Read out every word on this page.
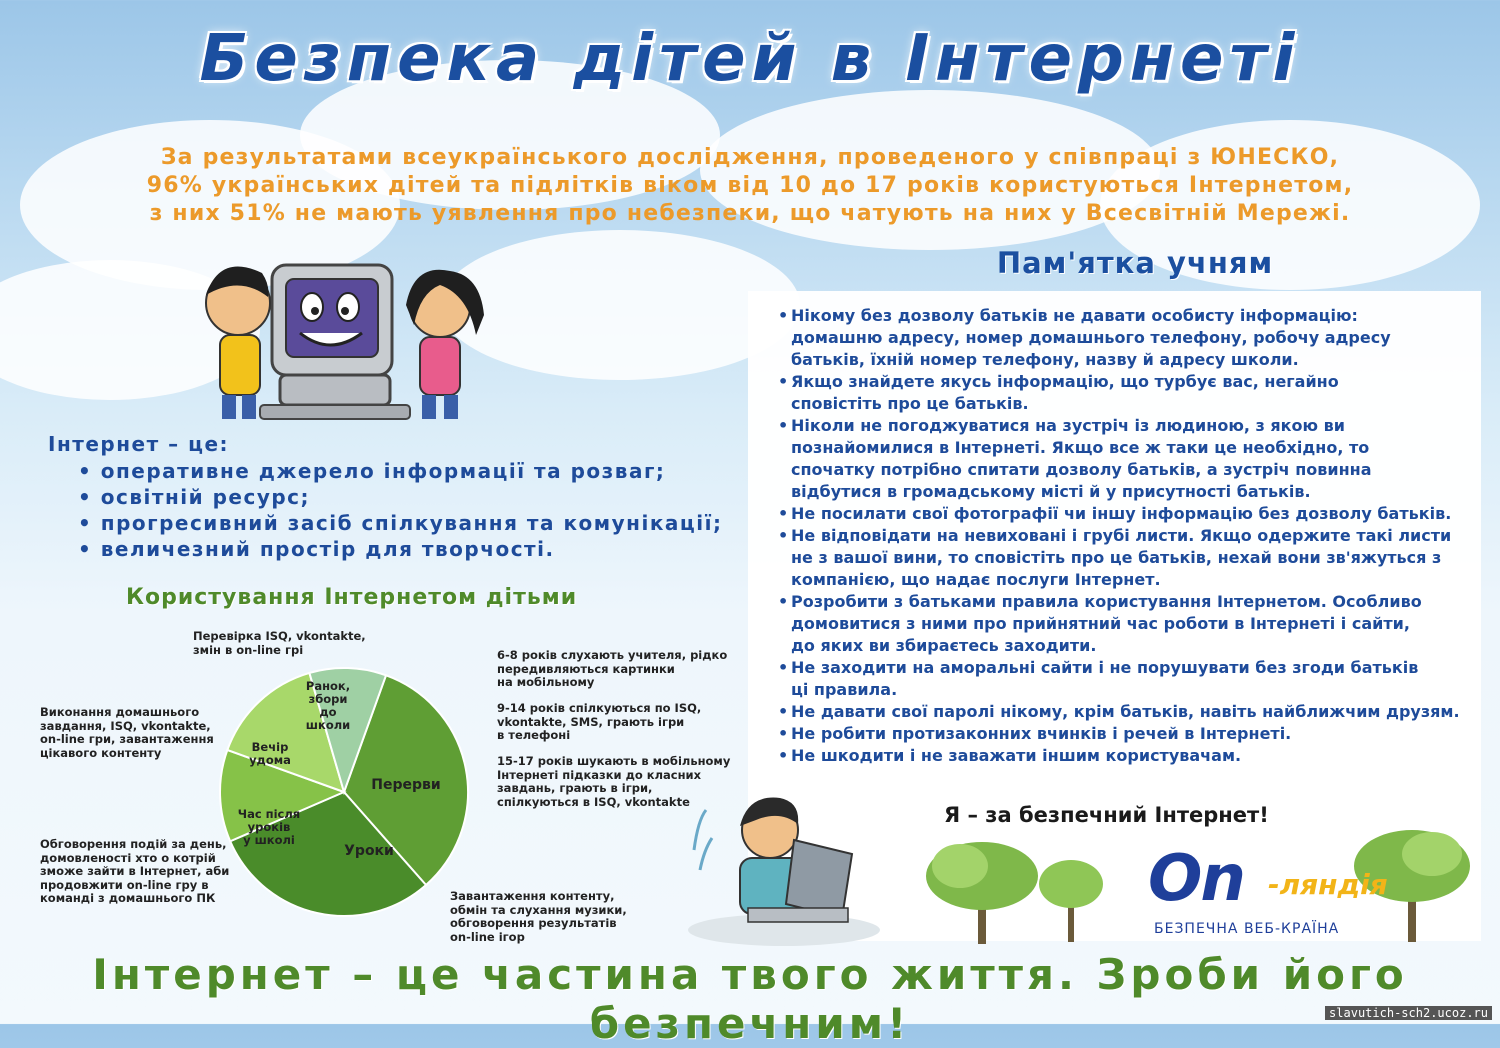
Безпека дітей в Інтернеті
За результатами всеукраїнського дослідження, проведеного у співпраці з ЮНЕСКО,
96% українських дітей та підлітків віком від 10 до 17 років користуються Інтернетом,
з них 51% не мають уявлення про небезпеки, що чатують на них у Всесвітній Мережі.
Пам'ятка учням
• Нікому без дозволу батьків не давати особисту інформацію:
домашню адресу, номер домашнього телефону, робочу адресу
батьків, їхній номер телефону, назву й адресу школи.
• Якщо знайдете якусь інформацію, що турбує вас, негайно
сповістіть про це батьків.
• Ніколи не погоджуватися на зустріч із людиною, з якою ви
познайомилися в Інтернеті. Якщо все ж таки це необхідно, то
спочатку потрібно спитати дозволу батьків, а зустріч повинна
відбутися в громадському місті й у присутності батьків.
• Не посилати свої фотографії чи іншу інформацію без дозволу батьків.
• Не відповідати на невиховані і грубі листи. Якщо одержите такі листи
не з вашої вини, то сповістіть про це батьків, нехай вони зв'яжуться з
компанією, що надає послуги Інтернет.
• Розробити з батьками правила користування Інтернетом. Особливо
домовитися з ними про прийнятний час роботи в Інтернеті і сайти,
до яких ви збираєтесь заходити.
• Не заходити на аморальні сайти і не порушувати без згоди батьків
ці правила.
• Не давати свої паролі нікому, крім батьків, навіть найближчим друзям.
• Не робити протизаконних вчинків і речей в Інтернеті.
• Не шкодити і не заважати іншим користувачам.
Інтернет – це:
• оперативне джерело інформації та розваг;
• освітній ресурс;
• прогресивний засіб спілкування та комунікації;
• величезний простір для творчості.
Користування Інтернетом дітьми
Перерви
Уроки
Час після
уроків
у школі
Вечір
удома
Ранок,
збори
до
школи
Перевірка ISQ, vkontakte,
змін в on-line грі
Виконання домашнього
завдання, ISQ, vkontakte,
on-line гри, завантаження
цікавого контенту
Обговорення подій за день,
домовленості хто о котрій
зможе зайти в Інтернет, аби
продовжити on-line гру в
команді з домашнього ПК
6-8 років слухають учителя, рідко
передивляються картинки
на мобільному
9-14 років спілкуються по ISQ,
vkontakte, SMS, грають ігри
в телефоні
15-17 років шукають в мобільному
Інтернеті підказки до класних
завдань, грають в ігри,
спілкуються в ISQ, vkontakte
Завантаження контенту,
обмін та слухання музики,
обговорення результатів
on-line ігор
Я – за безпечний Інтернет!
On -ляндія
БЕЗПЕЧНА ВЕБ-КРАЇНА
Інтернет – це частина твого життя. Зроби його безпечним!	slavutich-sch2.ucoz.ru
